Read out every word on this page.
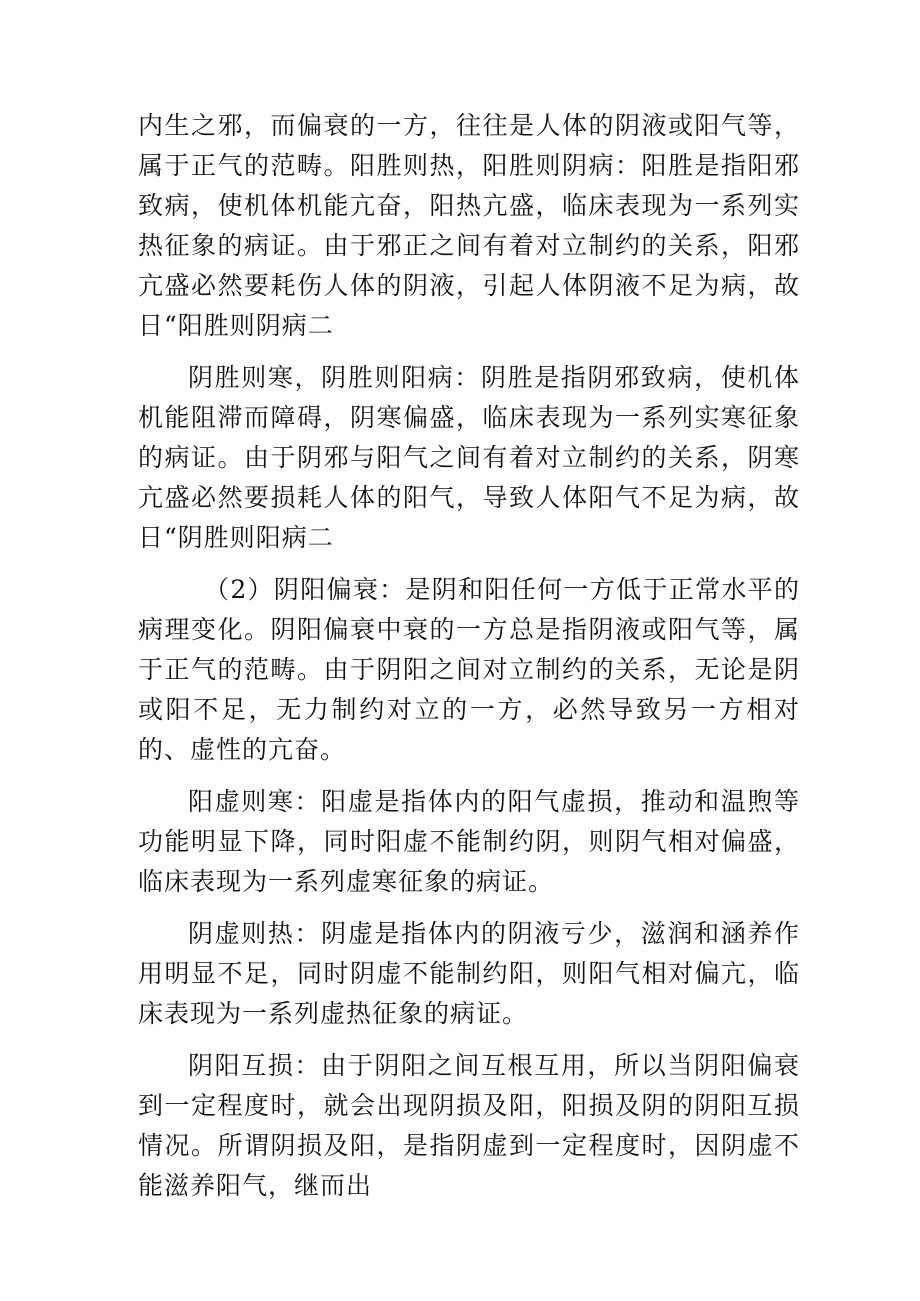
内生之邪，而偏衰的一方，往往是人体的阴液或阳气等，属于正气的范畴。阳胜则热，阳胜则阴病：阳胜是指阳邪致病，使机体机能亢奋，阳热亢盛，临床表现为一系列实热征象的病证。由于邪正之间有着对立制约的关系，阳邪亢盛必然要耗伤人体的阴液，引起人体阴液不足为病，故日“阳胜则阴病二

阴胜则寒，阴胜则阳病：阴胜是指阴邪致病，使机体机能阻滞而障碍，阴寒偏盛，临床表现为一系列实寒征象的病证。由于阴邪与阳气之间有着对立制约的关系，阴寒亢盛必然要损耗人体的阳气，导致人体阳气不足为病，故日“阴胜则阳病二

（2）阴阳偏衰：是阴和阳任何一方低于正常水平的病理变化。阴阳偏衰中衰的一方总是指阴液或阳气等，属于正气的范畴。由于阴阳之间对立制约的关系，无论是阴或阳不足，无力制约对立的一方，必然导致另一方相对的、虚性的亢奋。

阳虚则寒：阳虚是指体内的阳气虚损，推动和温煦等功能明显下降，同时阳虚不能制约阴，则阴气相对偏盛，临床表现为一系列虚寒征象的病证。

阴虚则热：阴虚是指体内的阴液亏少，滋润和涵养作用明显不足，同时阴虚不能制约阳，则阳气相对偏亢，临床表现为一系列虚热征象的病证。

阴阳互损：由于阴阳之间互根互用，所以当阴阳偏衰到一定程度时，就会出现阴损及阳，阳损及阴的阴阳互损情况。所谓阴损及阳，是指阴虚到一定程度时，因阴虚不能滋养阳气，继而出
